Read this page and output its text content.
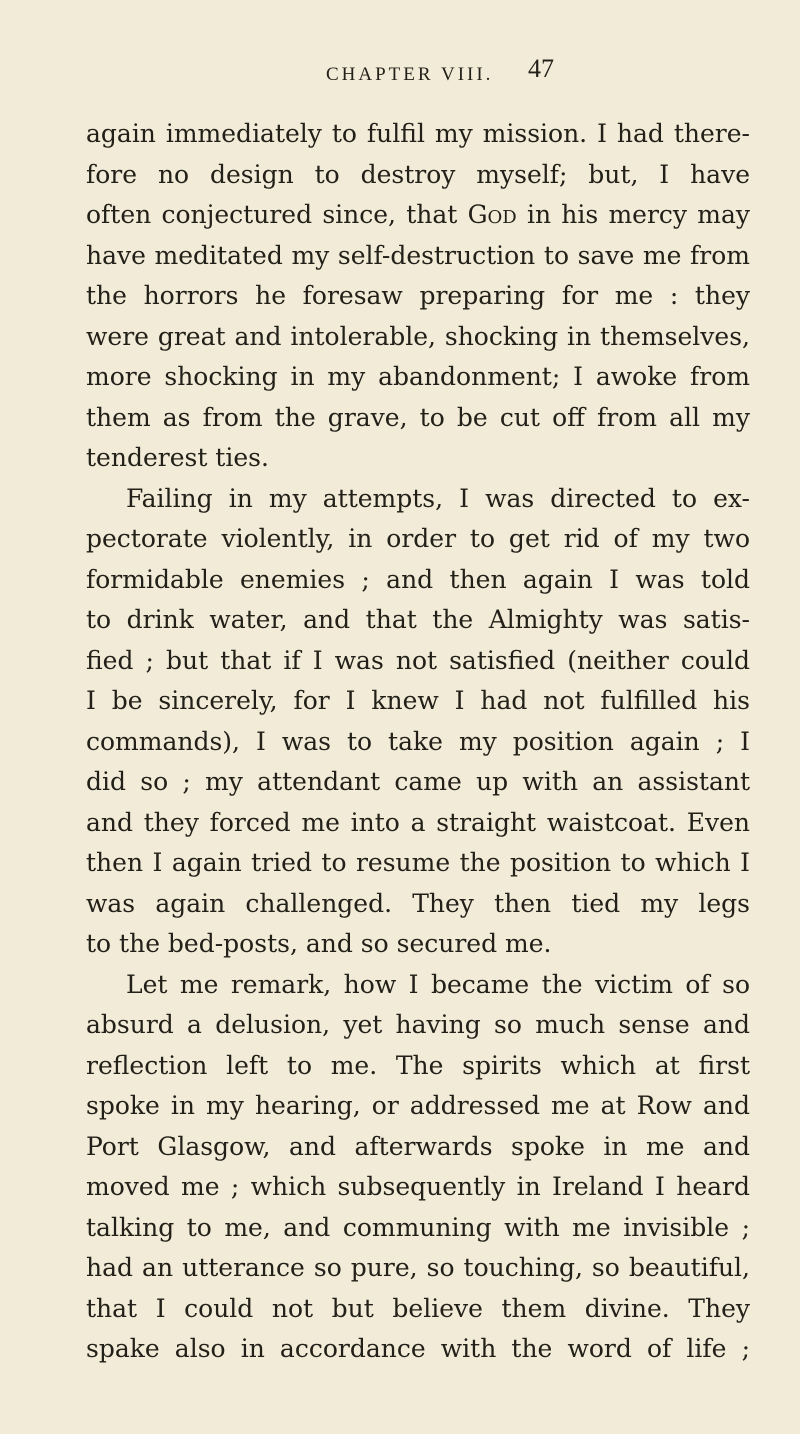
CHAPTER VIII. 47
again immediately to fulfil my mission. I had there-
fore no design to destroy myself; but, I have
often conjectured since, that God in his mercy may
have meditated my self-destruction to save me from
the horrors he foresaw preparing for me : they
were great and intolerable, shocking in themselves,
more shocking in my abandonment; I awoke from
them as from the grave, to be cut off from all my
tenderest ties.
Failing in my attempts, I was directed to ex-
pectorate violently, in order to get rid of my two
formidable enemies ; and then again I was told
to drink water, and that the Almighty was satis-
fied ; but that if I was not satisfied (neither could
I be sincerely, for I knew I had not fulfilled his
commands), I was to take my position again ; I
did so ; my attendant came up with an assistant
and they forced me into a straight waistcoat. Even
then I again tried to resume the position to which I
was again challenged. They then tied my legs
to the bed-posts, and so secured me.
Let me remark, how I became the victim of so
absurd a delusion, yet having so much sense and
reflection left to me. The spirits which at first
spoke in my hearing, or addressed me at Row and
Port Glasgow, and afterwards spoke in me and
moved me ; which subsequently in Ireland I heard
talking to me, and communing with me invisible ;
had an utterance so pure, so touching, so beautiful,
that I could not but believe them divine. They
spake also in accordance with the word of life ;
